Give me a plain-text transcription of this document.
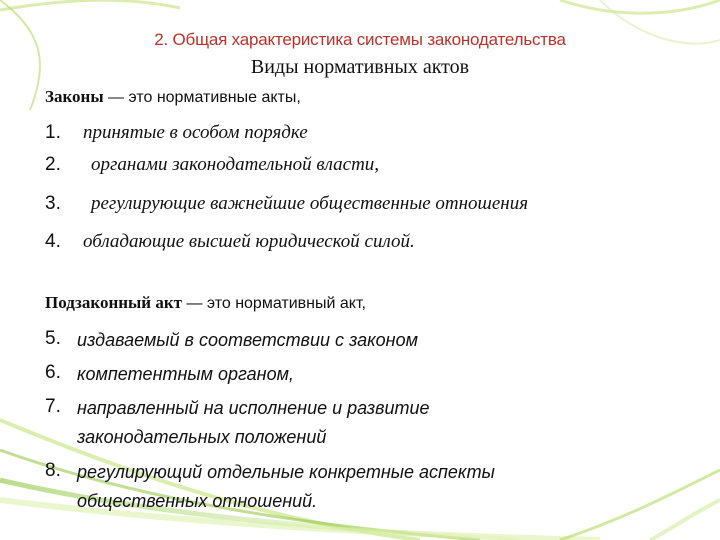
2. Общая характеристика системы законодательства
Виды нормативных актов
Законы — это нормативные акты,
1.	принятые в особом порядке
2.	органами законодательной власти,
3.	регулирующие важнейшие общественные отношения
4.	обладающие высшей юридической силой.
Подзаконный акт — это нормативный акт,
5. издаваемый в соответствии с законом
6. компетентным органом,
7. направленный на исполнение и развитие
законодательных положений
8. регулирующий отдельные конкретные аспекты
общественных отношений.
